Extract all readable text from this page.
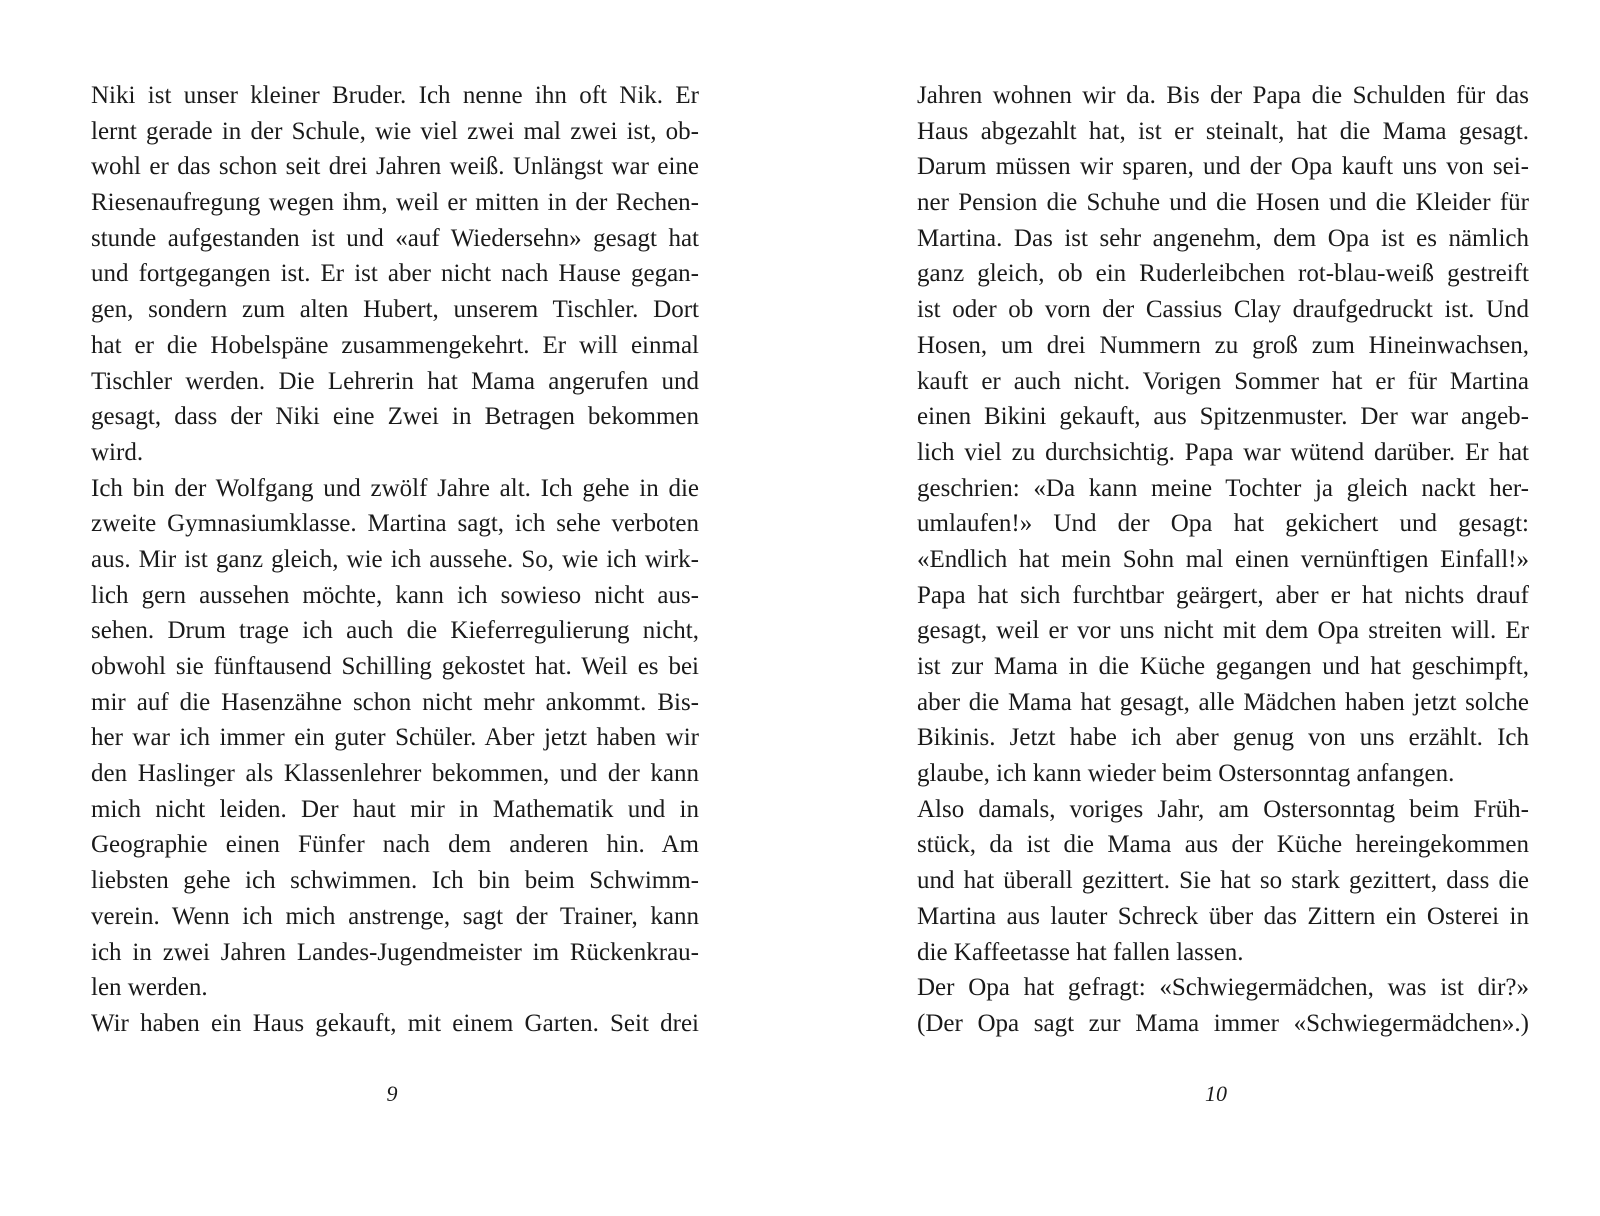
Niki ist unser kleiner Bruder. Ich nenne ihn oft Nik. Er
lernt gerade in der Schule, wie viel zwei mal zwei ist, ob-
wohl er das schon seit drei Jahren weiß. Unlängst war eine
Riesenaufregung wegen ihm, weil er mitten in der Rechen-
stunde aufgestanden ist und «auf Wiedersehn» gesagt hat
und fortgegangen ist. Er ist aber nicht nach Hause gegan-
gen, sondern zum alten Hubert, unserem Tischler. Dort
hat er die Hobelspäne zusammengekehrt. Er will einmal
Tischler werden. Die Lehrerin hat Mama angerufen und
gesagt, dass der Niki eine Zwei in Betragen bekommen
wird.
Ich bin der Wolfgang und zwölf Jahre alt. Ich gehe in die
zweite Gymnasiumklasse. Martina sagt, ich sehe verboten
aus. Mir ist ganz gleich, wie ich aussehe. So, wie ich wirk-
lich gern aussehen möchte, kann ich sowieso nicht aus-
sehen. Drum trage ich auch die Kieferregulierung nicht,
obwohl sie fünftausend Schilling gekostet hat. Weil es bei
mir auf die Hasenzähne schon nicht mehr ankommt. Bis-
her war ich immer ein guter Schüler. Aber jetzt haben wir
den Haslinger als Klassenlehrer bekommen, und der kann
mich nicht leiden. Der haut mir in Mathematik und in
Geographie einen Fünfer nach dem anderen hin. Am
liebsten gehe ich schwimmen. Ich bin beim Schwimm-
verein. Wenn ich mich anstrenge, sagt der Trainer, kann
ich in zwei Jahren Landes-Jugendmeister im Rückenkrau-
len werden.
Wir haben ein Haus gekauft, mit einem Garten. Seit drei
Jahren wohnen wir da. Bis der Papa die Schulden für das
Haus abgezahlt hat, ist er steinalt, hat die Mama gesagt.
Darum müssen wir sparen, und der Opa kauft uns von sei-
ner Pension die Schuhe und die Hosen und die Kleider für
Martina. Das ist sehr angenehm, dem Opa ist es nämlich
ganz gleich, ob ein Ruderleibchen rot-blau-weiß gestreift
ist oder ob vorn der Cassius Clay draufgedruckt ist. Und
Hosen, um drei Nummern zu groß zum Hineinwachsen,
kauft er auch nicht. Vorigen Sommer hat er für Martina
einen Bikini gekauft, aus Spitzenmuster. Der war angeb-
lich viel zu durchsichtig. Papa war wütend darüber. Er hat
geschrien: «Da kann meine Tochter ja gleich nackt her-
umlaufen!» Und der Opa hat gekichert und gesagt:
«Endlich hat mein Sohn mal einen vernünftigen Einfall!»
Papa hat sich furchtbar geärgert, aber er hat nichts drauf
gesagt, weil er vor uns nicht mit dem Opa streiten will. Er
ist zur Mama in die Küche gegangen und hat geschimpft,
aber die Mama hat gesagt, alle Mädchen haben jetzt solche
Bikinis. Jetzt habe ich aber genug von uns erzählt. Ich
glaube, ich kann wieder beim Ostersonntag anfangen.
Also damals, voriges Jahr, am Ostersonntag beim Früh-
stück, da ist die Mama aus der Küche hereingekommen
und hat überall gezittert. Sie hat so stark gezittert, dass die
Martina aus lauter Schreck über das Zittern ein Osterei in
die Kaffeetasse hat fallen lassen.
Der Opa hat gefragt: «Schwiegermädchen, was ist dir?»
(Der Opa sagt zur Mama immer «Schwiegermädchen».)
9	10
